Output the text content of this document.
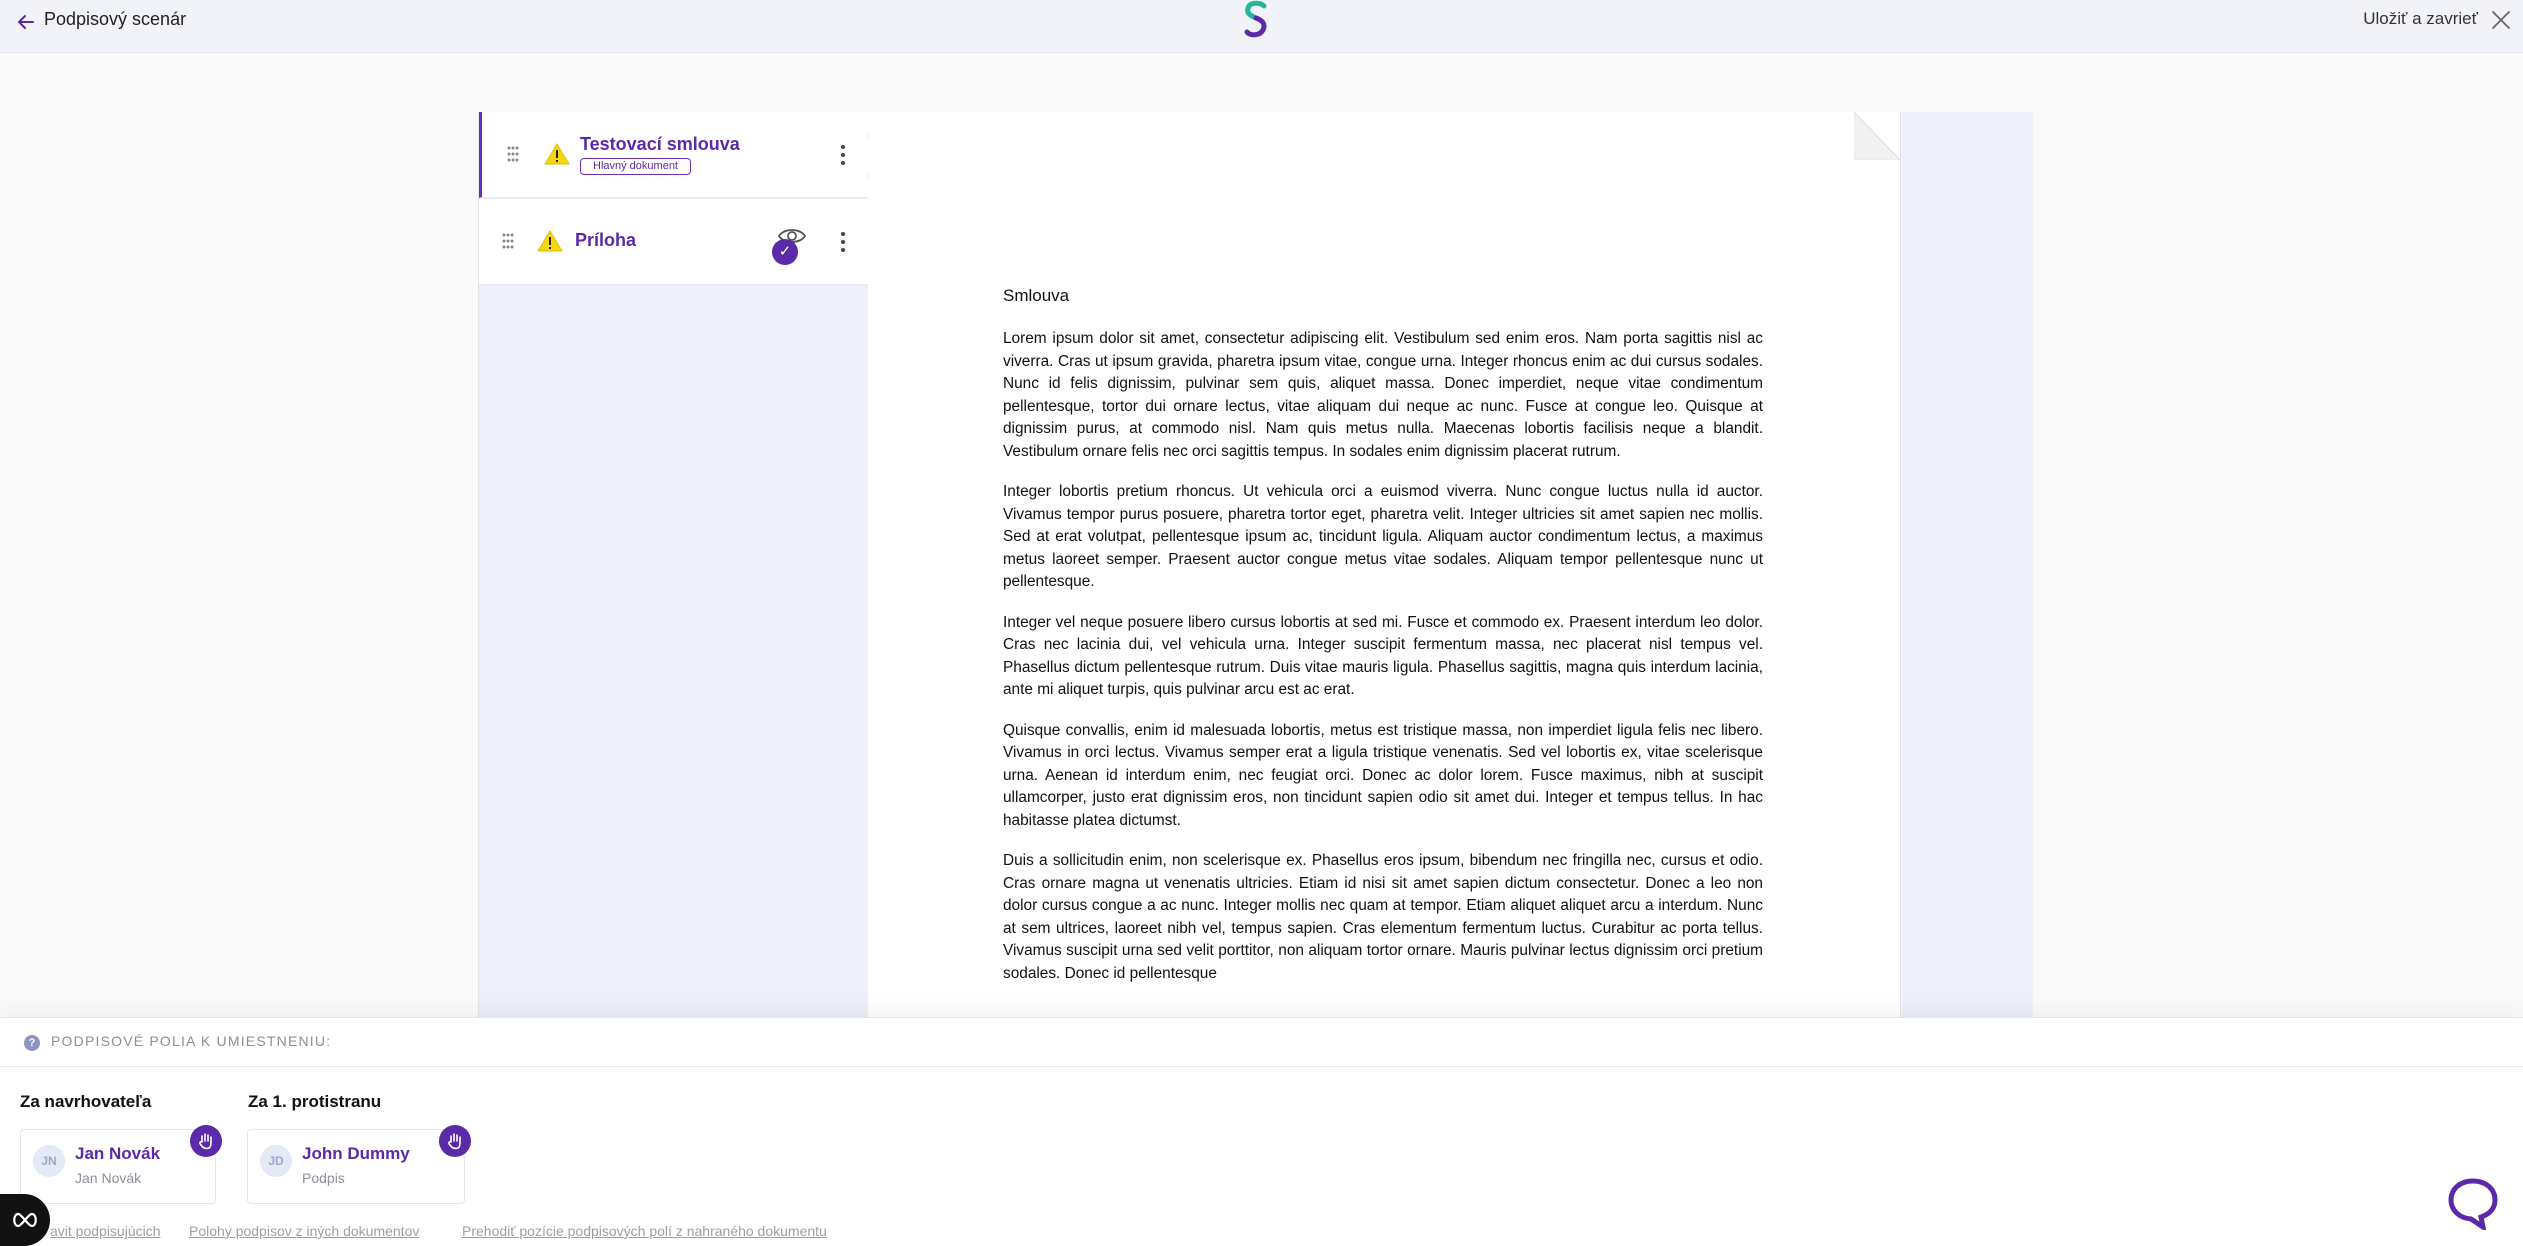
Podpisový scenár	Uložiť a zavrieť
Testovací smlouva
Hlavný dokument
Príloha
✓
Smlouva

Lorem ipsum dolor sit amet, consectetur adipiscing elit. Vestibulum sed enim eros. Nam porta sagittis nisl ac viverra. Cras ut ipsum gravida, pharetra ipsum vitae, congue urna. Integer rhoncus enim ac dui cursus sodales. Nunc id felis dignissim, pulvinar sem quis, aliquet massa. Donec imperdiet, neque vitae condimentum pellentesque, tortor dui ornare lectus, vitae aliquam dui neque ac nunc. Fusce at congue leo. Quisque at dignissim purus, at commodo nisl. Nam quis metus nulla. Maecenas lobortis facilisis neque a blandit. Vestibulum ornare felis nec orci sagittis tempus. In sodales enim dignissim placerat rutrum.

Integer lobortis pretium rhoncus. Ut vehicula orci a euismod viverra. Nunc congue luctus nulla id auctor. Vivamus tempor purus posuere, pharetra tortor eget, pharetra velit. Integer ultricies sit amet sapien nec mollis. Sed at erat volutpat, pellentesque ipsum ac, tincidunt ligula. Aliquam auctor condimentum lectus, a maximus metus laoreet semper. Praesent auctor congue metus vitae sodales. Aliquam tempor pellentesque nunc ut pellentesque.

Integer vel neque posuere libero cursus lobortis at sed mi. Fusce et commodo ex. Praesent interdum leo dolor. Cras nec lacinia dui, vel vehicula urna. Integer suscipit fermentum massa, nec placerat nisl tempus vel. Phasellus dictum pellentesque rutrum. Duis vitae mauris ligula. Phasellus sagittis, magna quis interdum lacinia, ante mi aliquet turpis, quis pulvinar arcu est ac erat.

Quisque convallis, enim id malesuada lobortis, metus est tristique massa, non imperdiet ligula felis nec libero. Vivamus in orci lectus. Vivamus semper erat a ligula tristique venenatis. Sed vel lobortis ex, vitae scelerisque urna. Aenean id interdum enim, nec feugiat orci. Donec ac dolor lorem. Fusce maximus, nibh at suscipit ullamcorper, justo erat dignissim eros, non tincidunt sapien odio sit amet dui. Integer et tempus tellus. In hac habitasse platea dictumst.

Duis a sollicitudin enim, non scelerisque ex. Phasellus eros ipsum, bibendum nec fringilla nec, cursus et odio. Cras ornare magna ut venenatis ultricies. Etiam id nisi sit amet sapien dictum consectetur. Donec a leo non dolor cursus congue a ac nunc. Integer mollis nec quam at tempor. Etiam aliquet aliquet arcu a interdum. Nunc at sem ultrices, laoreet nibh vel, tempus sapien. Cras elementum fermentum luctus. Curabitur ac porta tellus. Vivamus suscipit urna sed velit porttitor, non aliquam tortor ornare. Mauris pulvinar lectus dignissim orci pretium sodales. Donec id pellentesque

?	PODPISOVÉ POLIA K UMIESTNENIU:
Za navrhovateľa
JN	Jan Novák
Jan Novák
Za 1. protistranu
JD	John Dummy
Podpis
avit podpisujúcich Polohy podpisov z iných dokumentov	Prehodiť pozície podpisových polí z nahraného dokumentu
